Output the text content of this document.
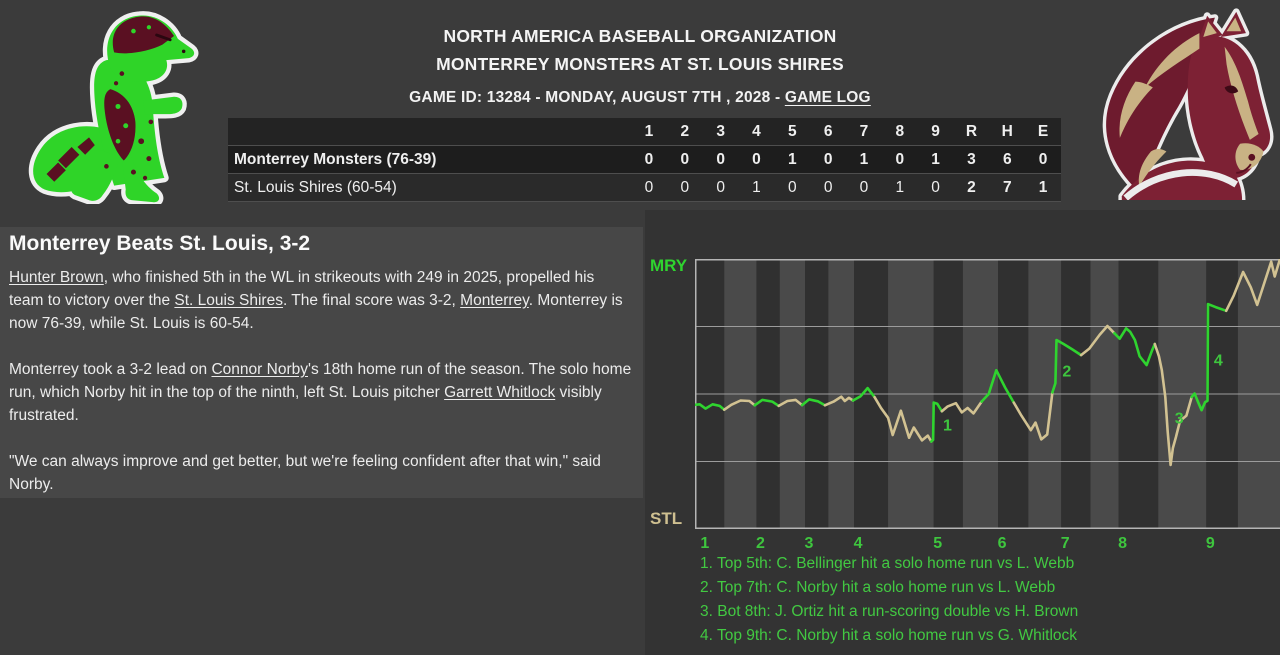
NORTH AMERICA BASEBALL ORGANIZATION
MONTERREY MONSTERS AT ST. LOUIS SHIRES
GAME ID: 13284 - MONDAY, AUGUST 7TH , 2028 - GAME LOG
1	2	3	4	5	6	7	8	9	R	H	E
Monterrey Monsters (76-39)	0	0	0	0	1	0	1	0	1	3	6	0
St. Louis Shires (60-54)	0	0	0	1	0	0	0	1	0	2	7	1
Monterrey Beats St. Louis, 3-2

Hunter Brown, who finished 5th in the WL in strikeouts with 249 in 2025, propelled his team to victory over the St. Louis Shires. The final score was 3-2, Monterrey. Monterrey is now 76-39, while St. Louis is 60-54.

Monterrey took a 3-2 lead on Connor Norby's 18th home run of the season. The solo home run, which Norby hit in the top of the ninth, left St. Louis pitcher Garrett Whitlock visibly frustrated.

"We can always improve and get better, but we're feeling confident after that win," said Norby.

MRY
STL
1
2
3
4
1	2 3	4	5	6	7	8	9
1. Top 5th: C. Bellinger hit a solo home run vs L. Webb
2. Top 7th: C. Norby hit a solo home run vs L. Webb
3. Bot 8th: J. Ortiz hit a run-scoring double vs H. Brown
4. Top 9th: C. Norby hit a solo home run vs G. Whitlock
